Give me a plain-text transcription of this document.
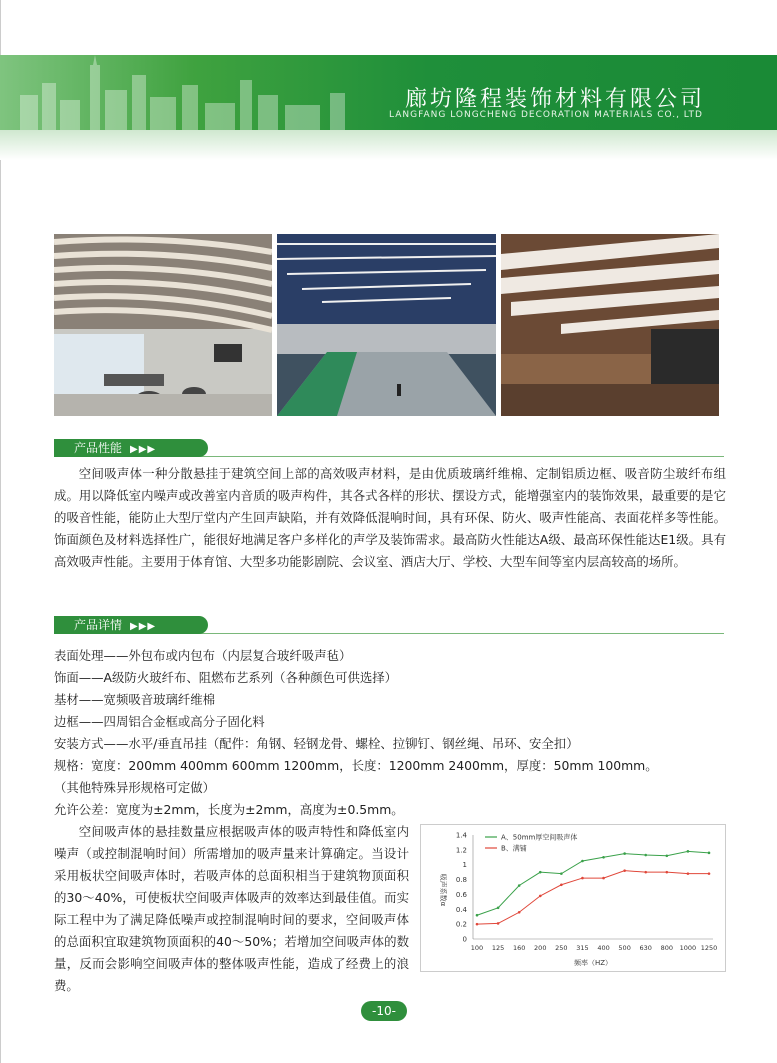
廊坊隆程装饰材料有限公司
LANGFANG LONGCHENG DECORATION MATERIALS CO., LTD
产品性能 ▶▶▶

空间吸声体一种分散悬挂于建筑空间上部的高效吸声材料，是由优质玻璃纤维棉、定制铝质边框、吸音防尘玻纤布组成。用以降低室内噪声或改善室内音质的吸声构件，其各式各样的形状、摆设方式，能增强室内的装饰效果，最重要的是它的吸音性能，能防止大型厅堂内产生回声缺陷，并有效降低混响时间，具有环保、防火、吸声性能高、表面花样多等性能。饰面颜色及材料选择性广，能很好地满足客户多样化的声学及装饰需求。最高防火性能达A级、最高环保性能达E1级。具有高效吸声性能。主要用于体育馆、大型多功能影剧院、会议室、酒店大厅、学校、大型车间等室内层高较高的场所。

产品详情 ▶▶▶
表面处理——外包布或内包布（内层复合玻纤吸声毡）
饰面——A级防火玻纤布、阻燃布艺系列（各种颜色可供选择）
基材——宽频吸音玻璃纤维棉
边框——四周铝合金框或高分子固化料
安装方式——水平/垂直吊挂（配件：角钢、轻钢龙骨、螺栓、拉铆钉、钢丝绳、吊环、安全扣）
规格：宽度：200mm 400mm 600mm 1200mm，长度：1200mm 2400mm，厚度：50mm 100mm。
（其他特殊异形规格可定做）
允许公差：宽度为±2mm，长度为±2mm，高度为±0.5mm。

空间吸声体的悬挂数量应根据吸声体的吸声特性和降低室内噪声（或控制混响时间）所需增加的吸声量来计算确定。当设计采用板状空间吸声体时，若吸声体的总面积相当于建筑物顶面积的30～40%，可使板状空间吸声体吸声的效率达到最佳值。而实际工程中为了满足降低噪声或控制混响时间的要求，空间吸声体的总面积宜取建筑物顶面积的40～50%；若增加空间吸声体的数量，反而会影响空间吸声体的整体吸声性能，造成了经费上的浪费。

0
0.2
0.4
0.6
0.8
1
1.2
1.4
100 125 160 200 250 315 400 500 630 800 1000 1250
A、50mm厚空间吸声体
B、满铺
吸声系数α
频率（HZ）
-10-
